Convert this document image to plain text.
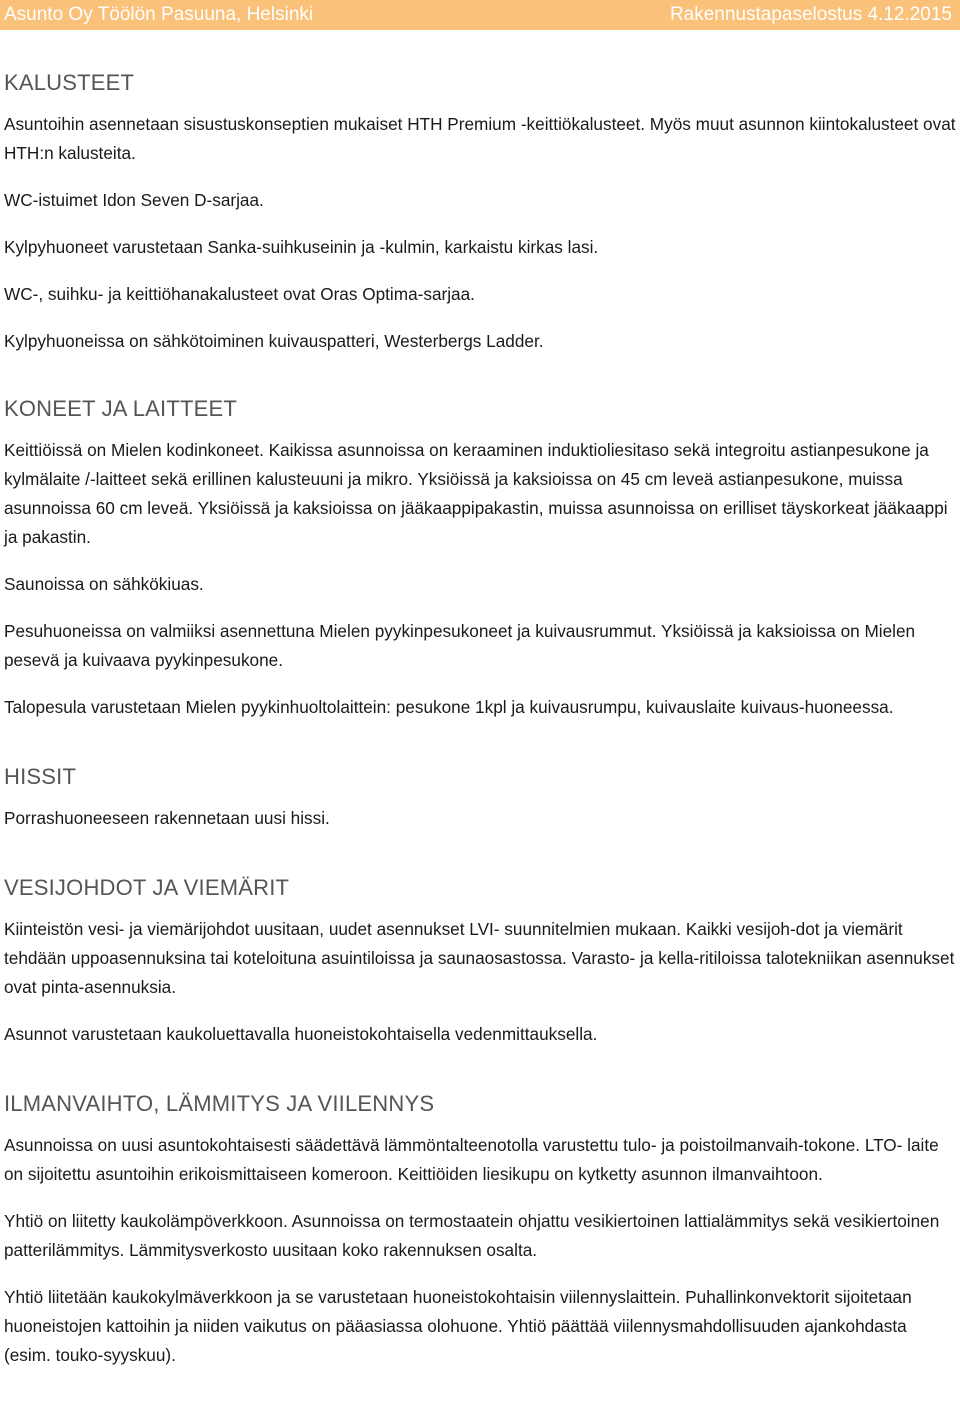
Asunto Oy Töölön Pasuuna, Helsinki	Rakennustapaselostus 4.12.2015
KALUSTEET

Asuntoihin asennetaan sisustuskonseptien mukaiset HTH Premium -keittiökalusteet. Myös muut asunnon kiintokalusteet ovat HTH:n kalusteita.

WC-istuimet Idon Seven D-sarjaa.

Kylpyhuoneet varustetaan Sanka-suihkuseinin ja -kulmin, karkaistu kirkas lasi.

WC-, suihku- ja keittiöhanakalusteet ovat Oras Optima-sarjaa.

Kylpyhuoneissa on sähkötoiminen kuivauspatteri, Westerbergs Ladder.

KONEET JA LAITTEET

Keittiöissä on Mielen kodinkoneet. Kaikissa asunnoissa on keraaminen induktioliesitaso sekä integroitu astianpesukone ja kylmälaite /-laitteet sekä erillinen kalusteuuni ja mikro. Yksiöissä ja kaksioissa on 45 cm leveä astianpesukone, muissa asunnoissa 60 cm leveä. Yksiöissä ja kaksioissa on jääkaappipakastin, muissa asunnoissa on erilliset täyskorkeat jääkaappi ja pakastin.

Saunoissa on sähkökiuas.

Pesuhuoneissa on valmiiksi asennettuna Mielen pyykinpesukoneet ja kuivausrummut. Yksiöissä ja kaksioissa on Mielen pesevä ja kuivaava pyykinpesukone.

Talopesula varustetaan Mielen pyykinhuoltolaittein: pesukone 1kpl ja kuivausrumpu, kuivauslaite kuivaus-huoneessa.

HISSIT

Porrashuoneeseen rakennetaan uusi hissi.

VESIJOHDOT JA VIEMÄRIT

Kiinteistön vesi- ja viemärijohdot uusitaan, uudet asennukset LVI- suunnitelmien mukaan. Kaikki vesijoh-dot ja viemärit tehdään uppoasennuksina tai koteloituna asuintiloissa ja saunaosastossa. Varasto- ja kella-ritiloissa talotekniikan asennukset ovat pinta-asennuksia.

Asunnot varustetaan kaukoluettavalla huoneistokohtaisella vedenmittauksella.

ILMANVAIHTO, LÄMMITYS JA VIILENNYS

Asunnoissa on uusi asuntokohtaisesti säädettävä lämmöntalteenotolla varustettu tulo- ja poistoilmanvaih-tokone. LTO- laite on sijoitettu asuntoihin erikoismittaiseen komeroon. Keittiöiden liesikupu on kytketty asunnon ilmanvaihtoon.

Yhtiö on liitetty kaukolämpöverkkoon. Asunnoissa on termostaatein ohjattu vesikiertoinen lattialämmitys sekä vesikiertoinen patterilämmitys. Lämmitysverkosto uusitaan koko rakennuksen osalta.

Yhtiö liitetään kaukokylmäverkkoon ja se varustetaan huoneistokohtaisin viilennyslaittein. Puhallinkonvektorit sijoitetaan huoneistojen kattoihin ja niiden vaikutus on pääasiassa olohuone. Yhtiö päättää viilennysmahdollisuuden ajankohdasta (esim. touko-syyskuu).
